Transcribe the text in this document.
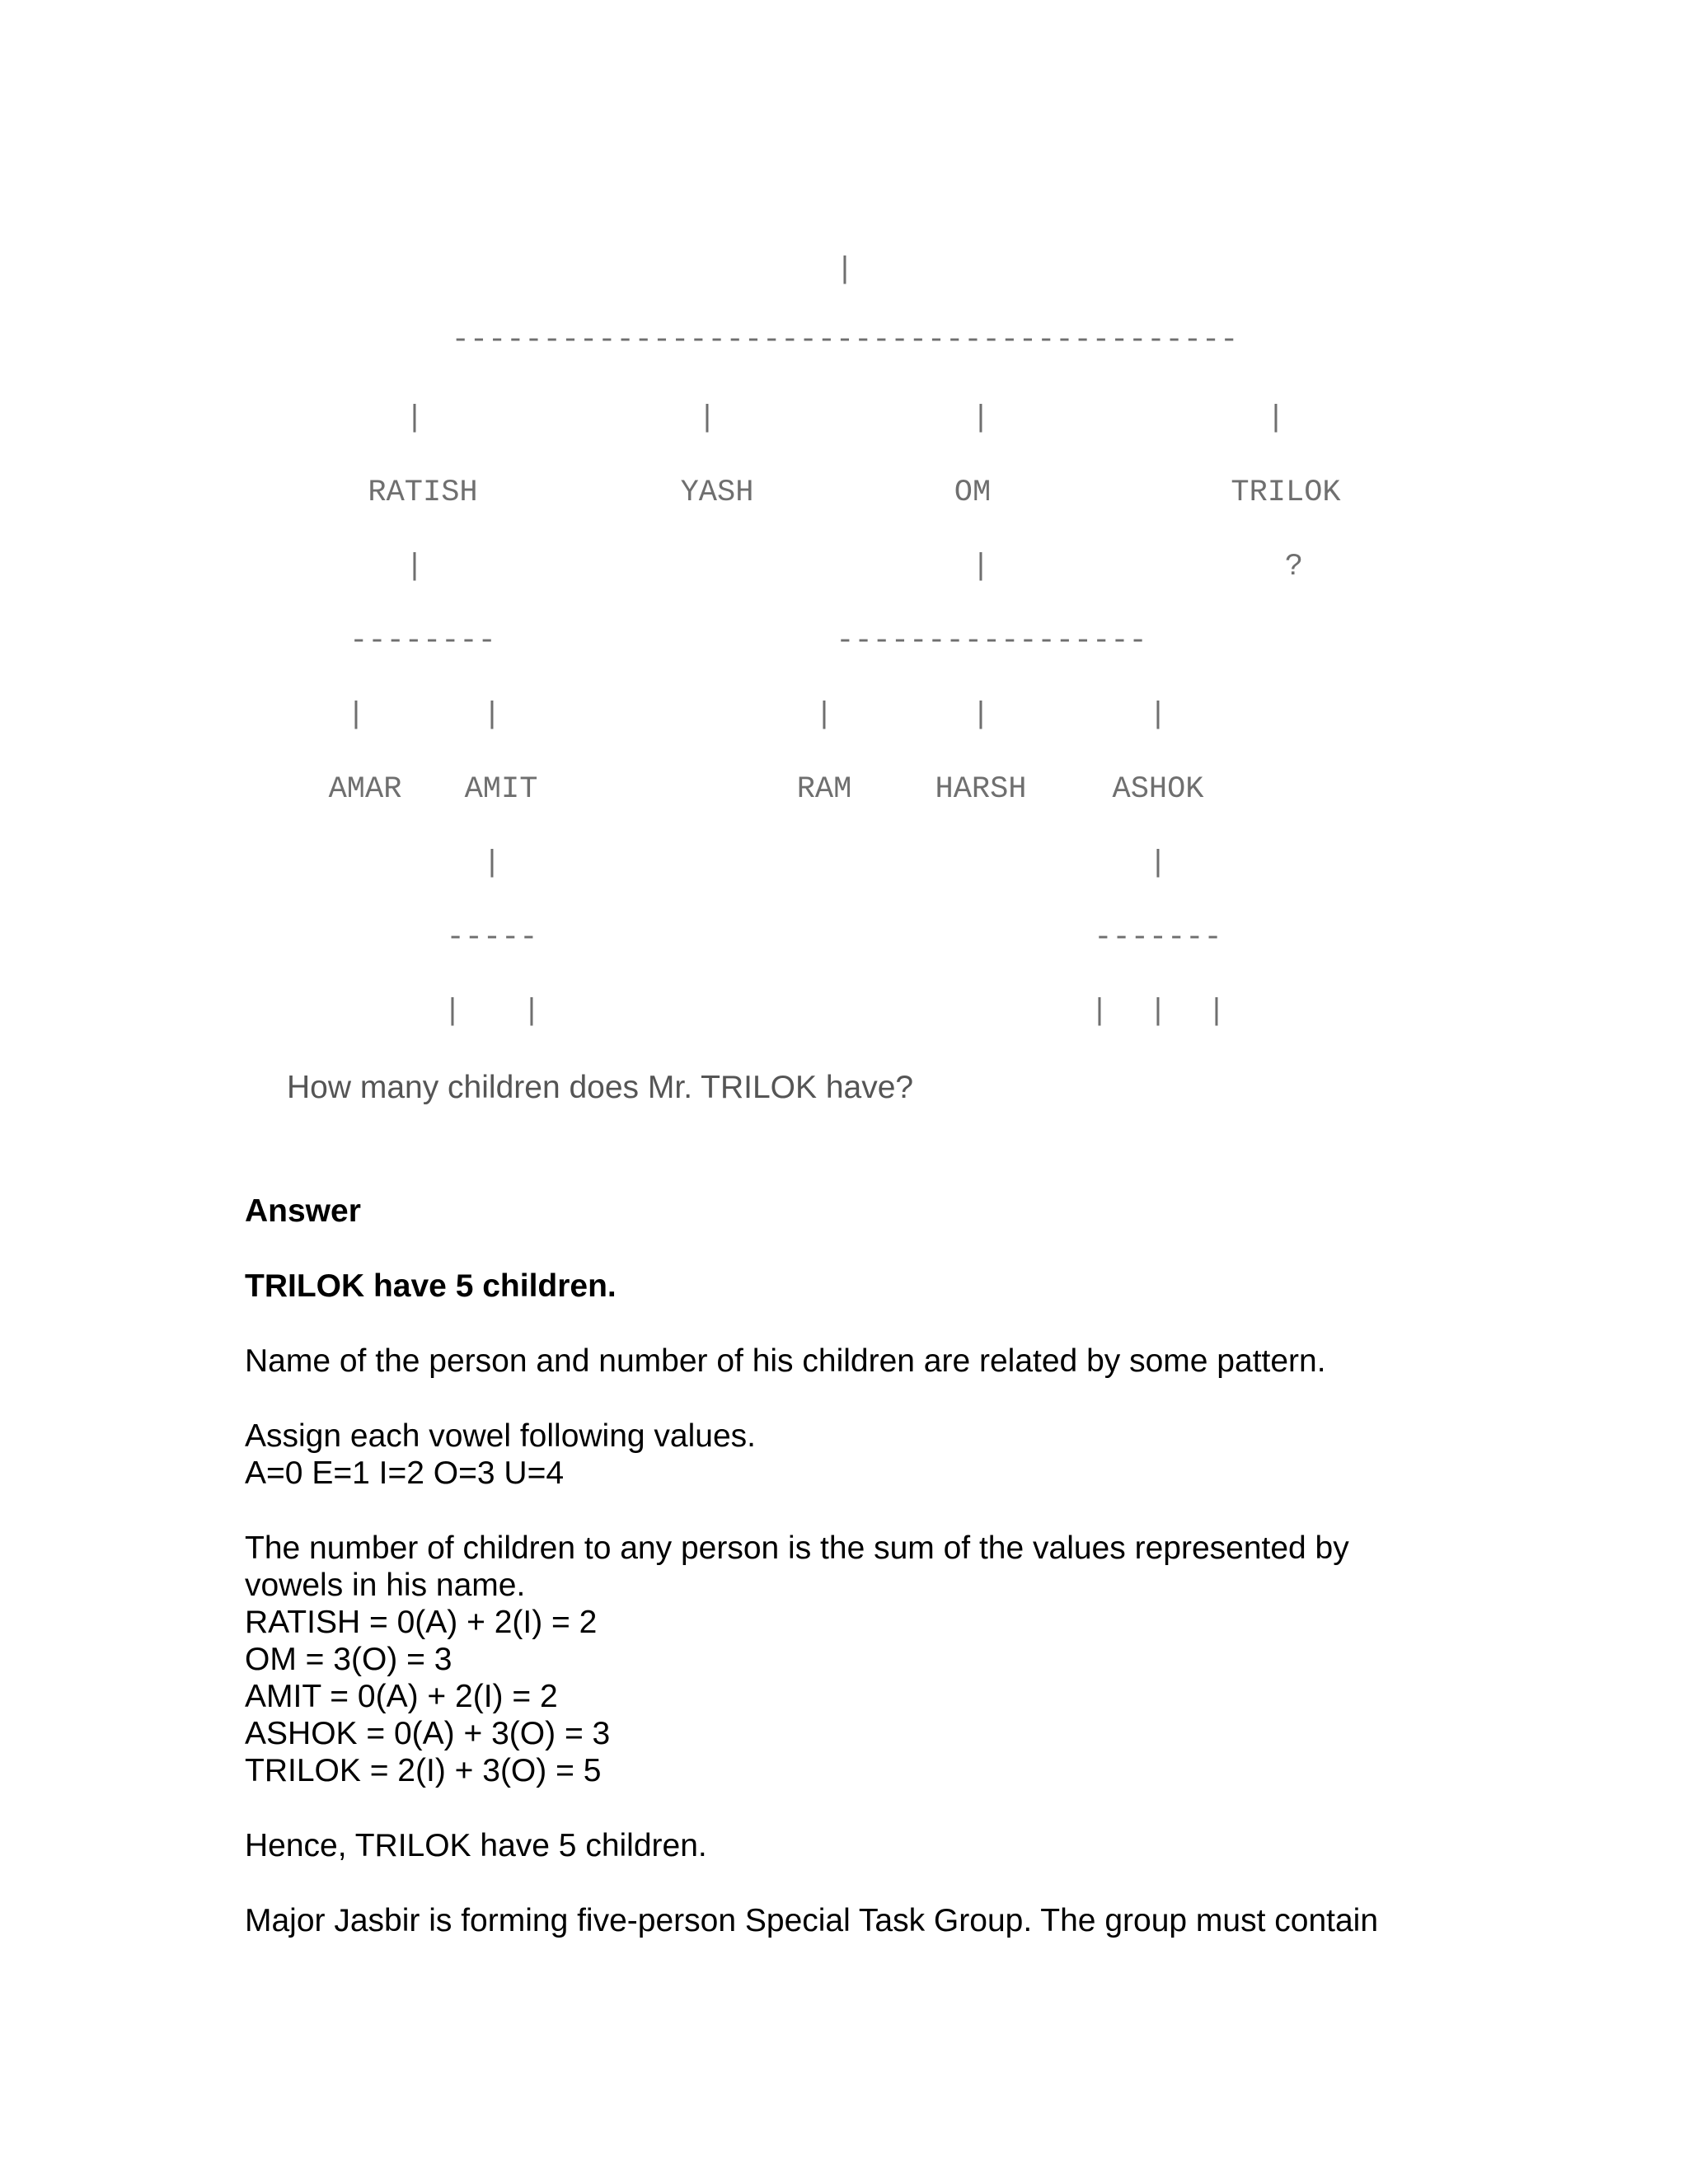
|
-------------------------------------------
|	|	|	|
RATISH	YASH	OM	TRILOK
|	|	?
--------	-----------------
|	|	|	|	|
AMAR AMIT	RAM	HARSH	ASHOK
|	|
-----	-------
| |	| | |
How many children does Mr. TRILOK have?
Answer
TRILOK have 5 children.
Name of the person and number of his children are related by some pattern.
Assign each vowel following values.
A=0 E=1 I=2 O=3 U=4
The number of children to any person is the sum of the values represented by
vowels in his name.
RATISH = 0(A) + 2(I) = 2
OM = 3(O) = 3
AMIT = 0(A) + 2(I) = 2
ASHOK = 0(A) + 3(O) = 3
TRILOK = 2(I) + 3(O) = 5
Hence, TRILOK have 5 children.
Major Jasbir is forming five-person Special Task Group. The group must contain
